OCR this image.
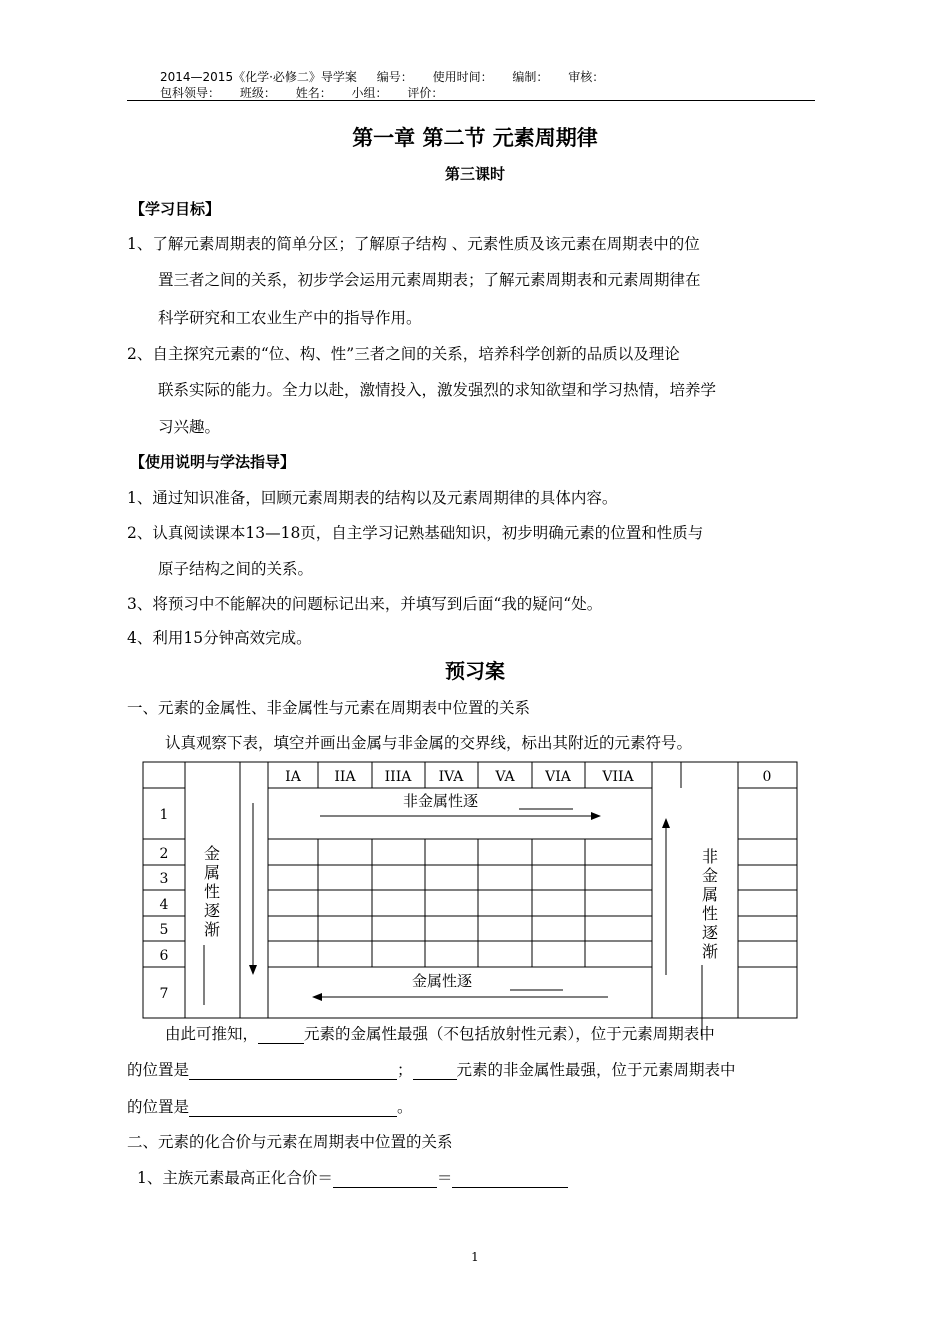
2014—2015《化学·必修二》导学案 编号： 使用时间： 编制： 审核：
包科领导： 班级： 姓名： 小组： 评价：
第一章 第二节 元素周期律
第三课时
【学习目标】
1、了解元素周期表的简单分区；了解原子结构 、元素性质及该元素在周期表中的位
置三者之间的关系，初步学会运用元素周期表；了解元素周期表和元素周期律在
科学研究和工农业生产中的指导作用。
2、自主探究元素的“位、构、性”三者之间的关系，培养科学创新的品质以及理论
联系实际的能力。全力以赴，激情投入，激发强烈的求知欲望和学习热情，培养学
习兴趣。
【使用说明与学法指导】
1、通过知识准备，回顾元素周期表的结构以及元素周期律的具体内容。
2、认真阅读课本13—18页，自主学习记熟基础知识，初步明确元素的位置和性质与
原子结构之间的关系。
3、将预习中不能解决的问题标记出来，并填写到后面“我的疑问“处。
4、利用15分钟高效完成。
预习案
一、元素的金属性、非金属性与元素在周期表中位置的关系
认真观察下表，填空并画出金属与非金属的交界线，标出其附近的元素符号。
IA IIA IIIA IVA VA VIA VIIA	0
1
2
3
4
5
6
7
非金属性逐
金属性逐
金
属
性
逐
渐
非
金
属
性
逐
渐
由此可推知，	元素的金属性最强（不包括放射性元素），位于元素周期表中
的位置是	；	元素的非金属性最强，位于元素周期表中
的位置是	。
二、元素的化合价与元素在周期表中位置的关系
1、主族元素最高正化合价＝	＝
1
